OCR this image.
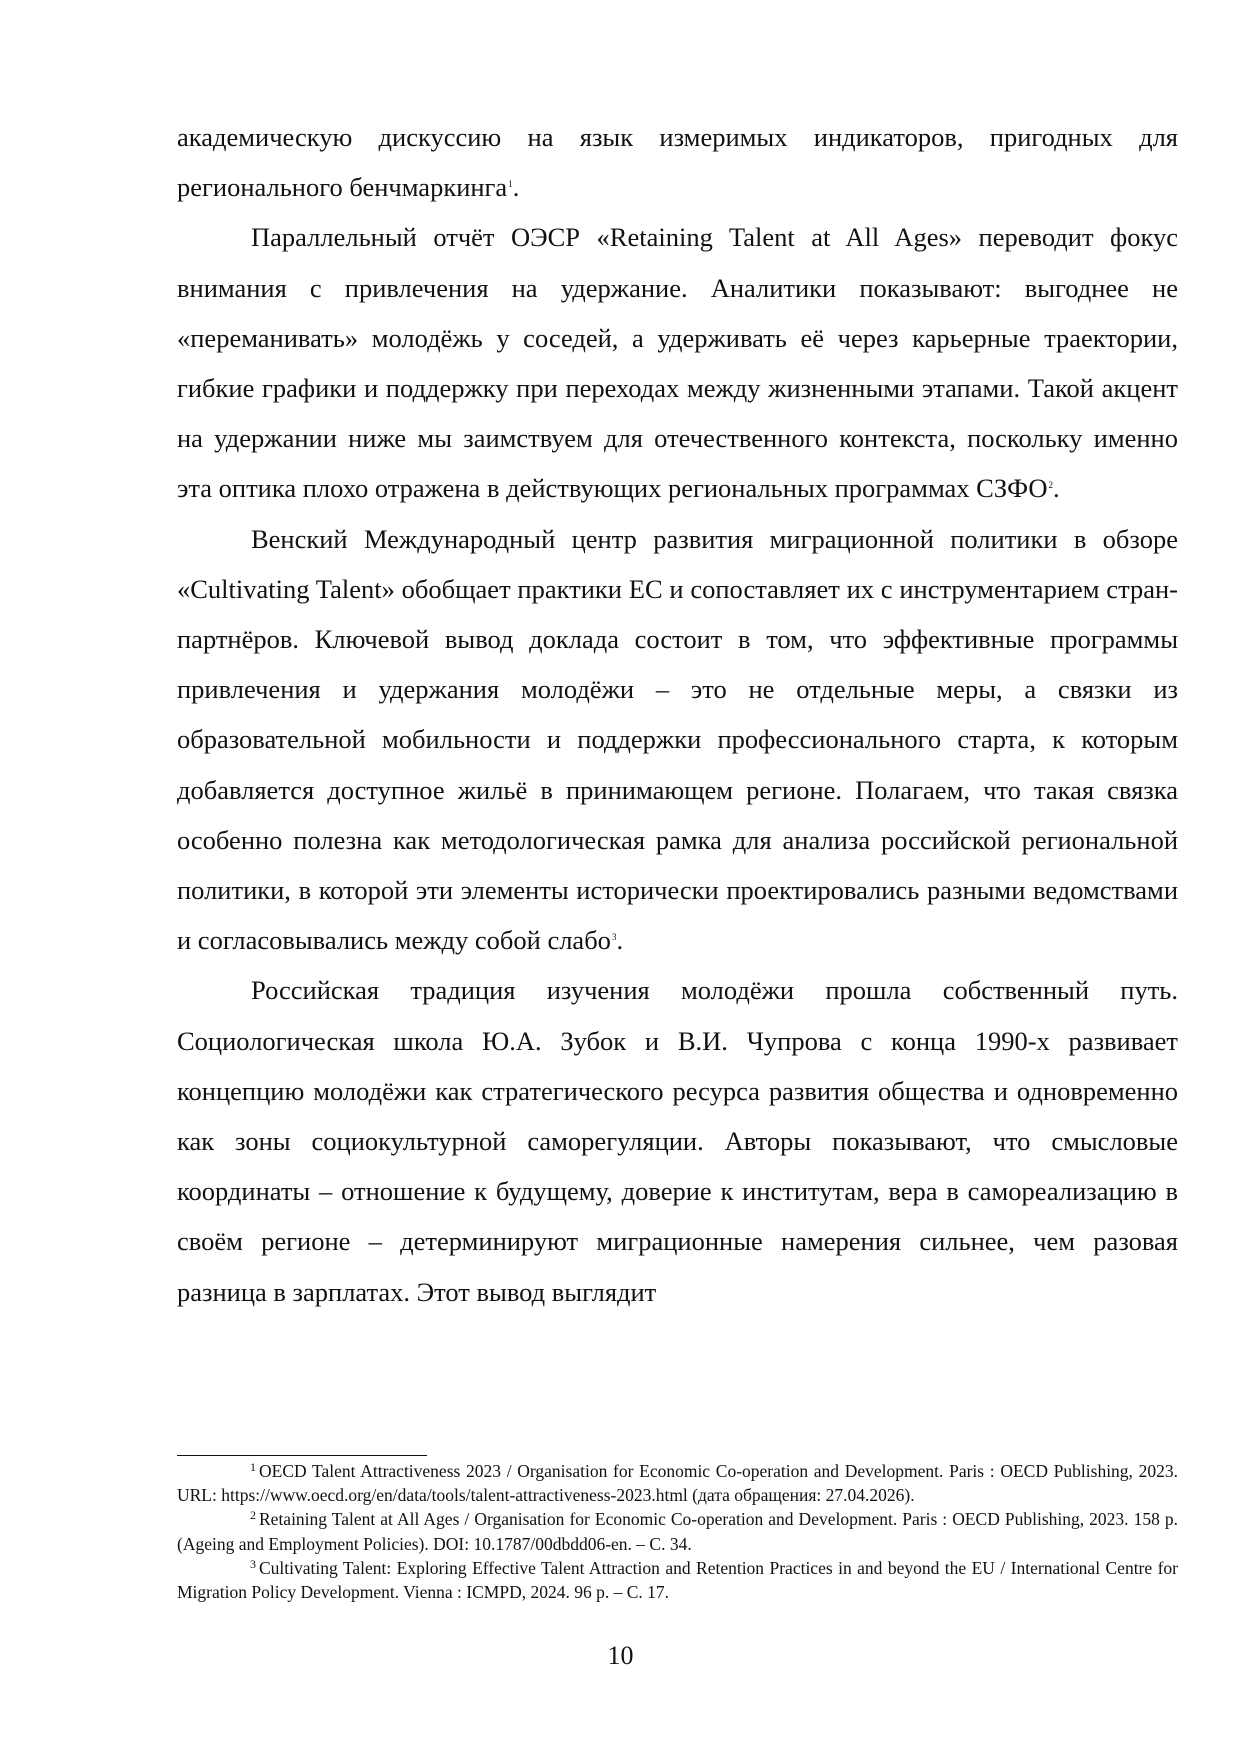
академическую дискуссию на язык измеримых индикаторов, пригодных для регионального бенчмаркинга$^1$.

Параллельный отчёт ОЭСР «Retaining Talent at All Ages» переводит фокус внимания с привлечения на удержание. Аналитики показывают: выгоднее не «переманивать» молодёжь у соседей, а удерживать её через карьерные траектории, гибкие графики и поддержку при переходах между жизненными этапами. Такой акцент на удержании ниже мы заимствуем для отечественного контекста, поскольку именно эта оптика плохо отражена в действующих региональных программах СЗФО$^2$.

Венский Международный центр развития миграционной политики в обзоре «Cultivating Talent» обобщает практики ЕС и сопоставляет их с инструментарием стран-партнёров. Ключевой вывод доклада состоит в том, что эффективные программы привлечения и удержания молодёжи – это не отдельные меры, а связки из образовательной мобильности и поддержки профессионального старта, к которым добавляется доступное жильё в принимающем регионе. Полагаем, что такая связка особенно полезна как методологическая рамка для анализа российской региональной политики, в которой эти элементы исторически проектировались разными ведомствами и согласовывались между собой слабо$^3$.

Российская традиция изучения молодёжи прошла собственный путь. Социологическая школа Ю.А. Зубок и В.И. Чупрова с конца 1990-х развивает концепцию молодёжи как стратегического ресурса развития общества и одновременно как зоны социокультурной саморегуляции. Авторы показывают, что смысловые координаты – отношение к будущему, доверие к институтам, вера в самореализацию в своём регионе – детерминируют миграционные намерения сильнее, чем разовая разница в зарплатах. Этот вывод выглядит

$^1$ OECD Talent Attractiveness 2023 / Organisation for Economic Co-operation and Development. Paris : OECD Publishing, 2023. URL: https://www.oecd.org/en/data/tools/talent-attractiveness-2023.html (дата обращения: 27.04.2026).

$^2$ Retaining Talent at All Ages / Organisation for Economic Co-operation and Development. Paris : OECD Publishing, 2023. 158 p. (Ageing and Employment Policies). DOI: 10.1787/00dbdd06-en. – С. 34.

$^3$ Cultivating Talent: Exploring Effective Talent Attraction and Retention Practices in and beyond the EU / International Centre for Migration Policy Development. Vienna : ICMPD, 2024. 96 p. – С. 17.

10
